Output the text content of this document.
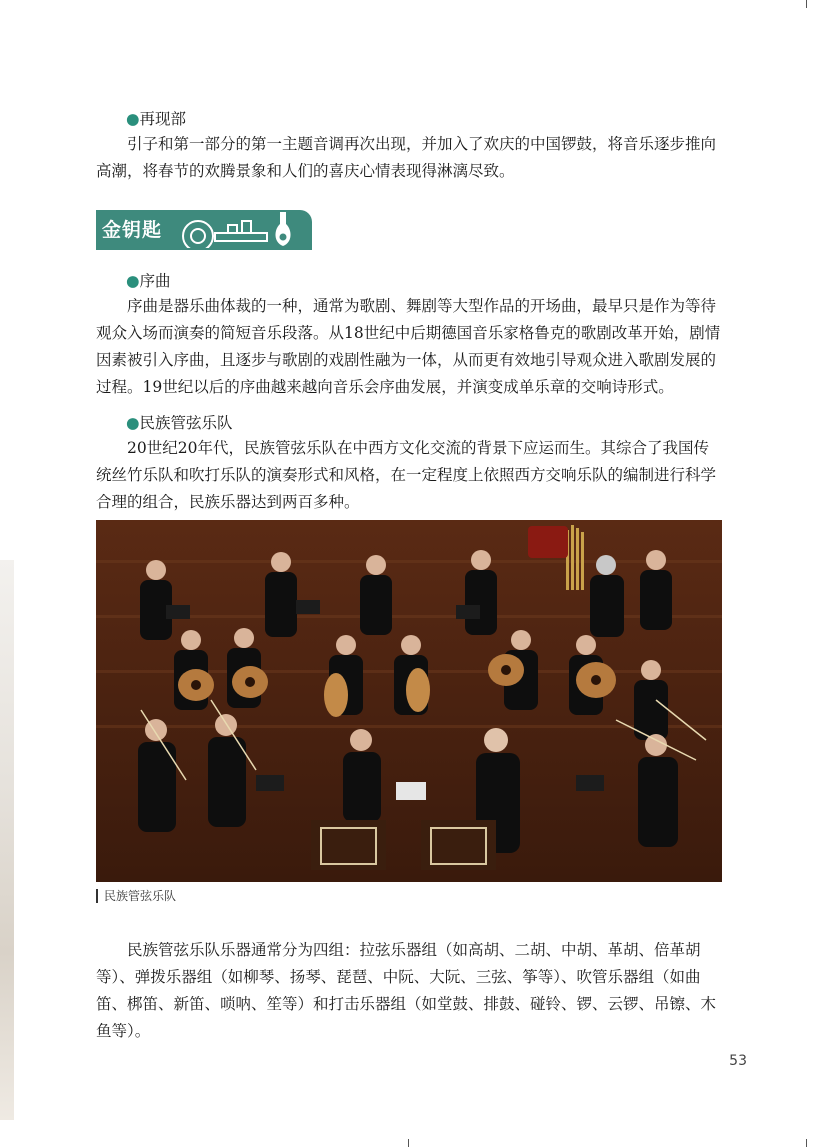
●再现部

引子和第一部分的第一主题音调再次出现，并加入了欢庆的中国锣鼓，将音乐逐步推向高潮，将春节的欢腾景象和人们的喜庆心情表现得淋漓尽致。

金钥匙
●序曲

序曲是器乐曲体裁的一种，通常为歌剧、舞剧等大型作品的开场曲，最早只是作为等待观众入场而演奏的简短音乐段落。从18世纪中后期德国音乐家格鲁克的歌剧改革开始，剧情因素被引入序曲，且逐步与歌剧的戏剧性融为一体，从而更有效地引导观众进入歌剧发展的过程。19世纪以后的序曲越来越向音乐会序曲发展，并演变成单乐章的交响诗形式。

●民族管弦乐队

20世纪20年代，民族管弦乐队在中西方文化交流的背景下应运而生。其综合了我国传统丝竹乐队和吹打乐队的演奏形式和风格，在一定程度上依照西方交响乐队的编制进行科学合理的组合，民族乐器达到两百多种。

民族管弦乐队

民族管弦乐队乐器通常分为四组：拉弦乐器组（如高胡、二胡、中胡、革胡、倍革胡等）、弹拨乐器组（如柳琴、扬琴、琵琶、中阮、大阮、三弦、筝等）、吹管乐器组（如曲笛、梆笛、新笛、唢呐、笙等）和打击乐器组（如堂鼓、排鼓、碰铃、锣、云锣、吊镲、木鱼等）。

53
